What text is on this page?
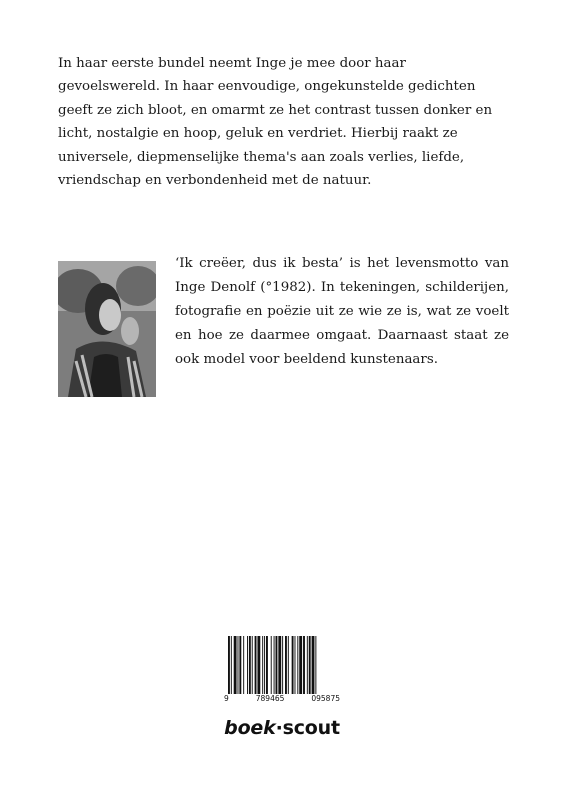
In haar eerste bundel neemt Inge je mee door haar gevoelswereld. In haar eenvoudige, ongekunstelde gedichten geeft ze zich bloot, en omarmt ze het contrast tussen donker en licht, nostalgie en hoop, geluk en verdriet. Hierbij raakt ze universele, diepmenselijke thema's aan zoals verlies, liefde, vriendschap en verbondenheid met de natuur.

‘Ik creëer, dus ik besta’ is het levensmotto van Inge Denolf (°1982). In tekeningen, schilderijen, fotografie en poëzie uit ze wie ze is, wat ze voelt en hoe ze daarmee omgaat. Daarnaast staat ze ook model voor beeldend kunstenaars.

9	789465	095875
boek·scout
